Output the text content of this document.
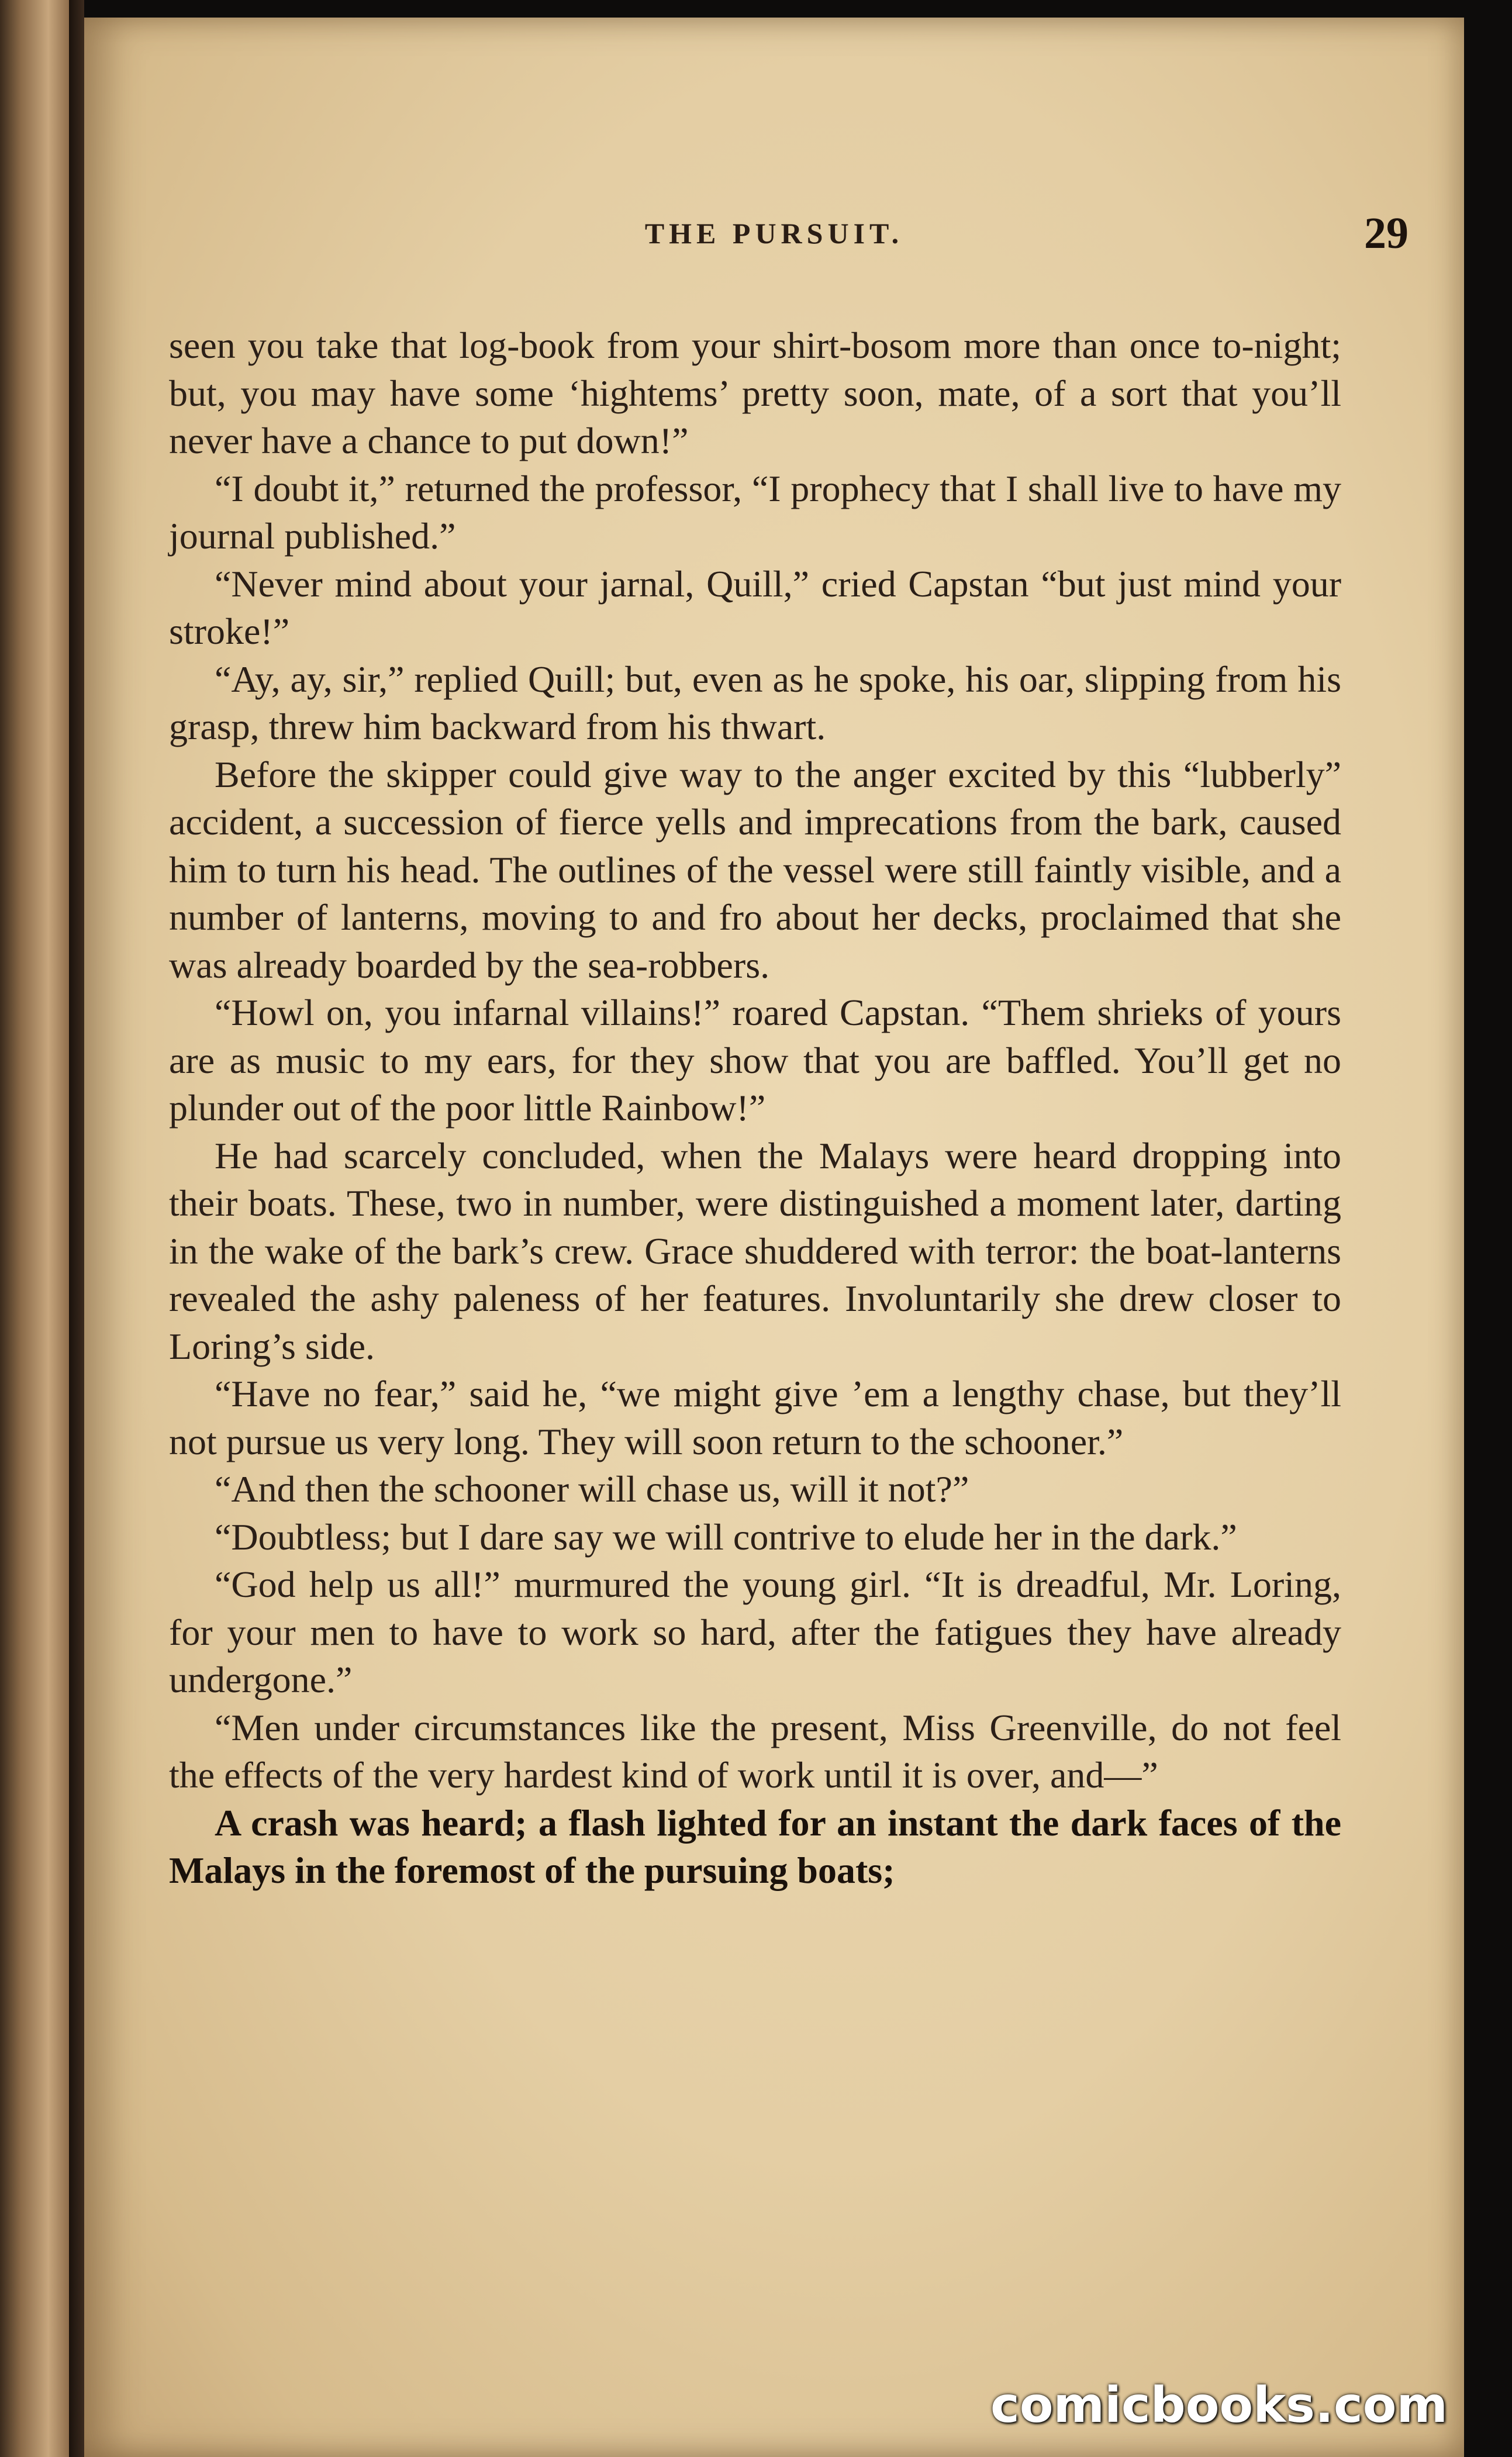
THE PURSUIT.	29

seen you take that log-book from your shirt-bosom more than once to-night; but, you may have some ‘hightems’ pretty soon, mate, of a sort that you’ll never have a chance to put down!”

“I doubt it,” returned the professor, “I prophecy that I shall live to have my journal published.”

“Never mind about your jarnal, Quill,” cried Capstan “but just mind your stroke!”

“Ay, ay, sir,” replied Quill; but, even as he spoke, his oar, slipping from his grasp, threw him backward from his thwart.

Before the skipper could give way to the anger excited by this “lubberly” accident, a succession of fierce yells and imprecations from the bark, caused him to turn his head. The outlines of the vessel were still faintly visible, and a number of lanterns, moving to and fro about her decks, proclaimed that she was already boarded by the sea-robbers.

“Howl on, you infarnal villains!” roared Capstan. “Them shrieks of yours are as music to my ears, for they show that you are baffled. You’ll get no plunder out of the poor little Rainbow!”

He had scarcely concluded, when the Malays were heard dropping into their boats. These, two in number, were distinguished a moment later, darting in the wake of the bark’s crew. Grace shuddered with terror: the boat-lanterns revealed the ashy paleness of her features. Involuntarily she drew closer to Loring’s side.

“Have no fear,” said he, “we might give ’em a lengthy chase, but they’ll not pursue us very long. They will soon return to the schooner.”

“And then the schooner will chase us, will it not?”

“Doubtless; but I dare say we will contrive to elude her in the dark.”

“God help us all!” murmured the young girl. “It is dreadful, Mr. Loring, for your men to have to work so hard, after the fatigues they have already undergone.”

“Men under circumstances like the present, Miss Greenville, do not feel the effects of the very hardest kind of work until it is over, and—”

A crash was heard; a flash lighted for an instant the dark faces of the Malays in the foremost of the pursuing boats;

comicbooks.com
